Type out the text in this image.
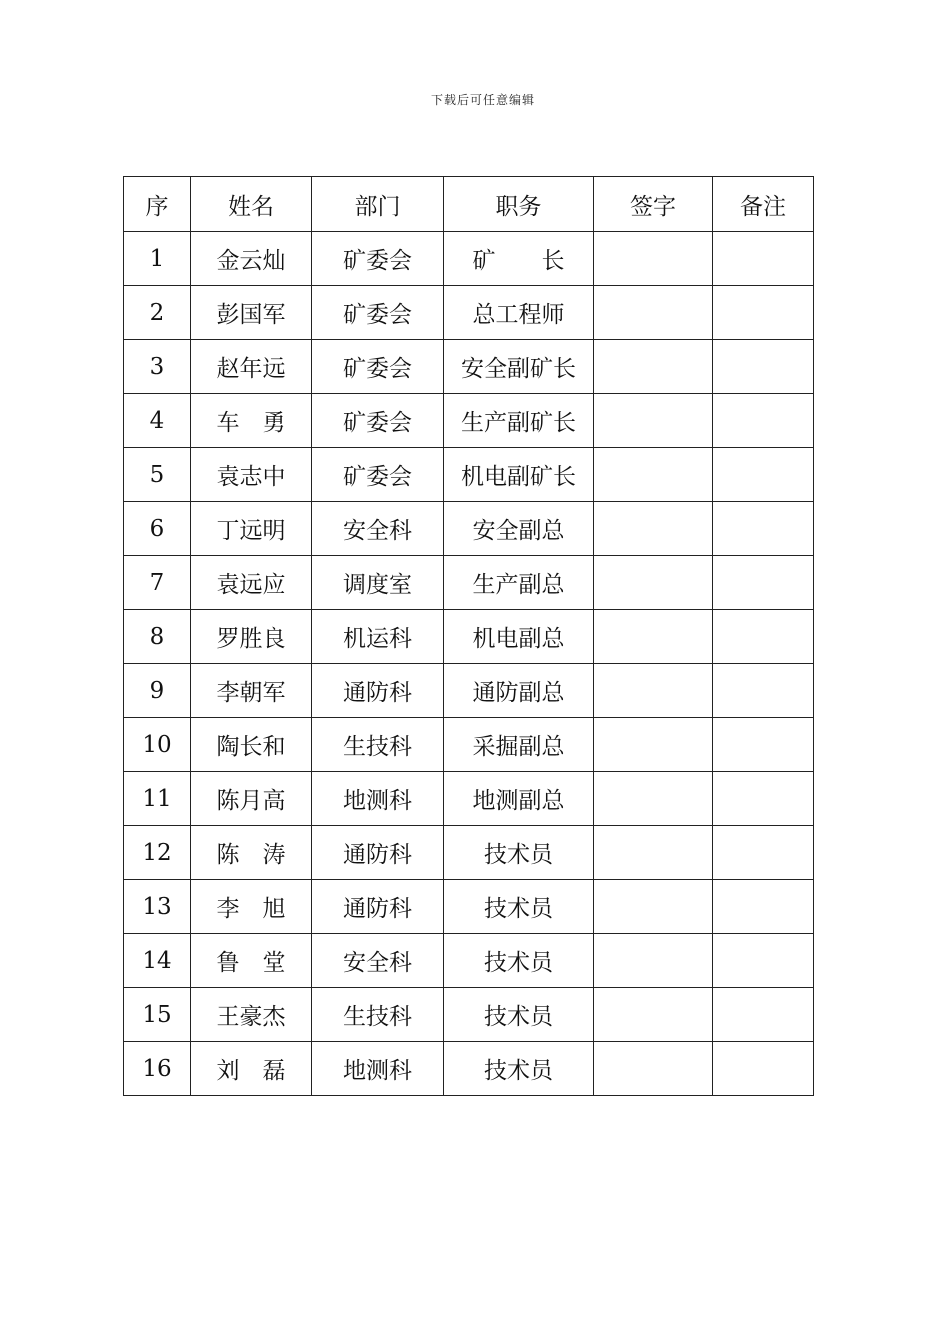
下载后可任意编辑
序	姓名	部门	职务	签字	备注
1	金云灿	矿委会	矿　　长		
2	彭国军	矿委会	总工程师		
3	赵年远	矿委会	安全副矿长		
4	车　勇	矿委会	生产副矿长		
5	袁志中	矿委会	机电副矿长		
6	丁远明	安全科	安全副总		
7	袁远应	调度室	生产副总		
8	罗胜良	机运科	机电副总		
9	李朝军	通防科	通防副总		
10	陶长和	生技科	采掘副总		
11	陈月高	地测科	地测副总		
12	陈　涛	通防科	技术员		
13	李　旭	通防科	技术员		
14	鲁　堂	安全科	技术员		
15	王豪杰	生技科	技术员		
16	刘　磊	地测科	技术员		
